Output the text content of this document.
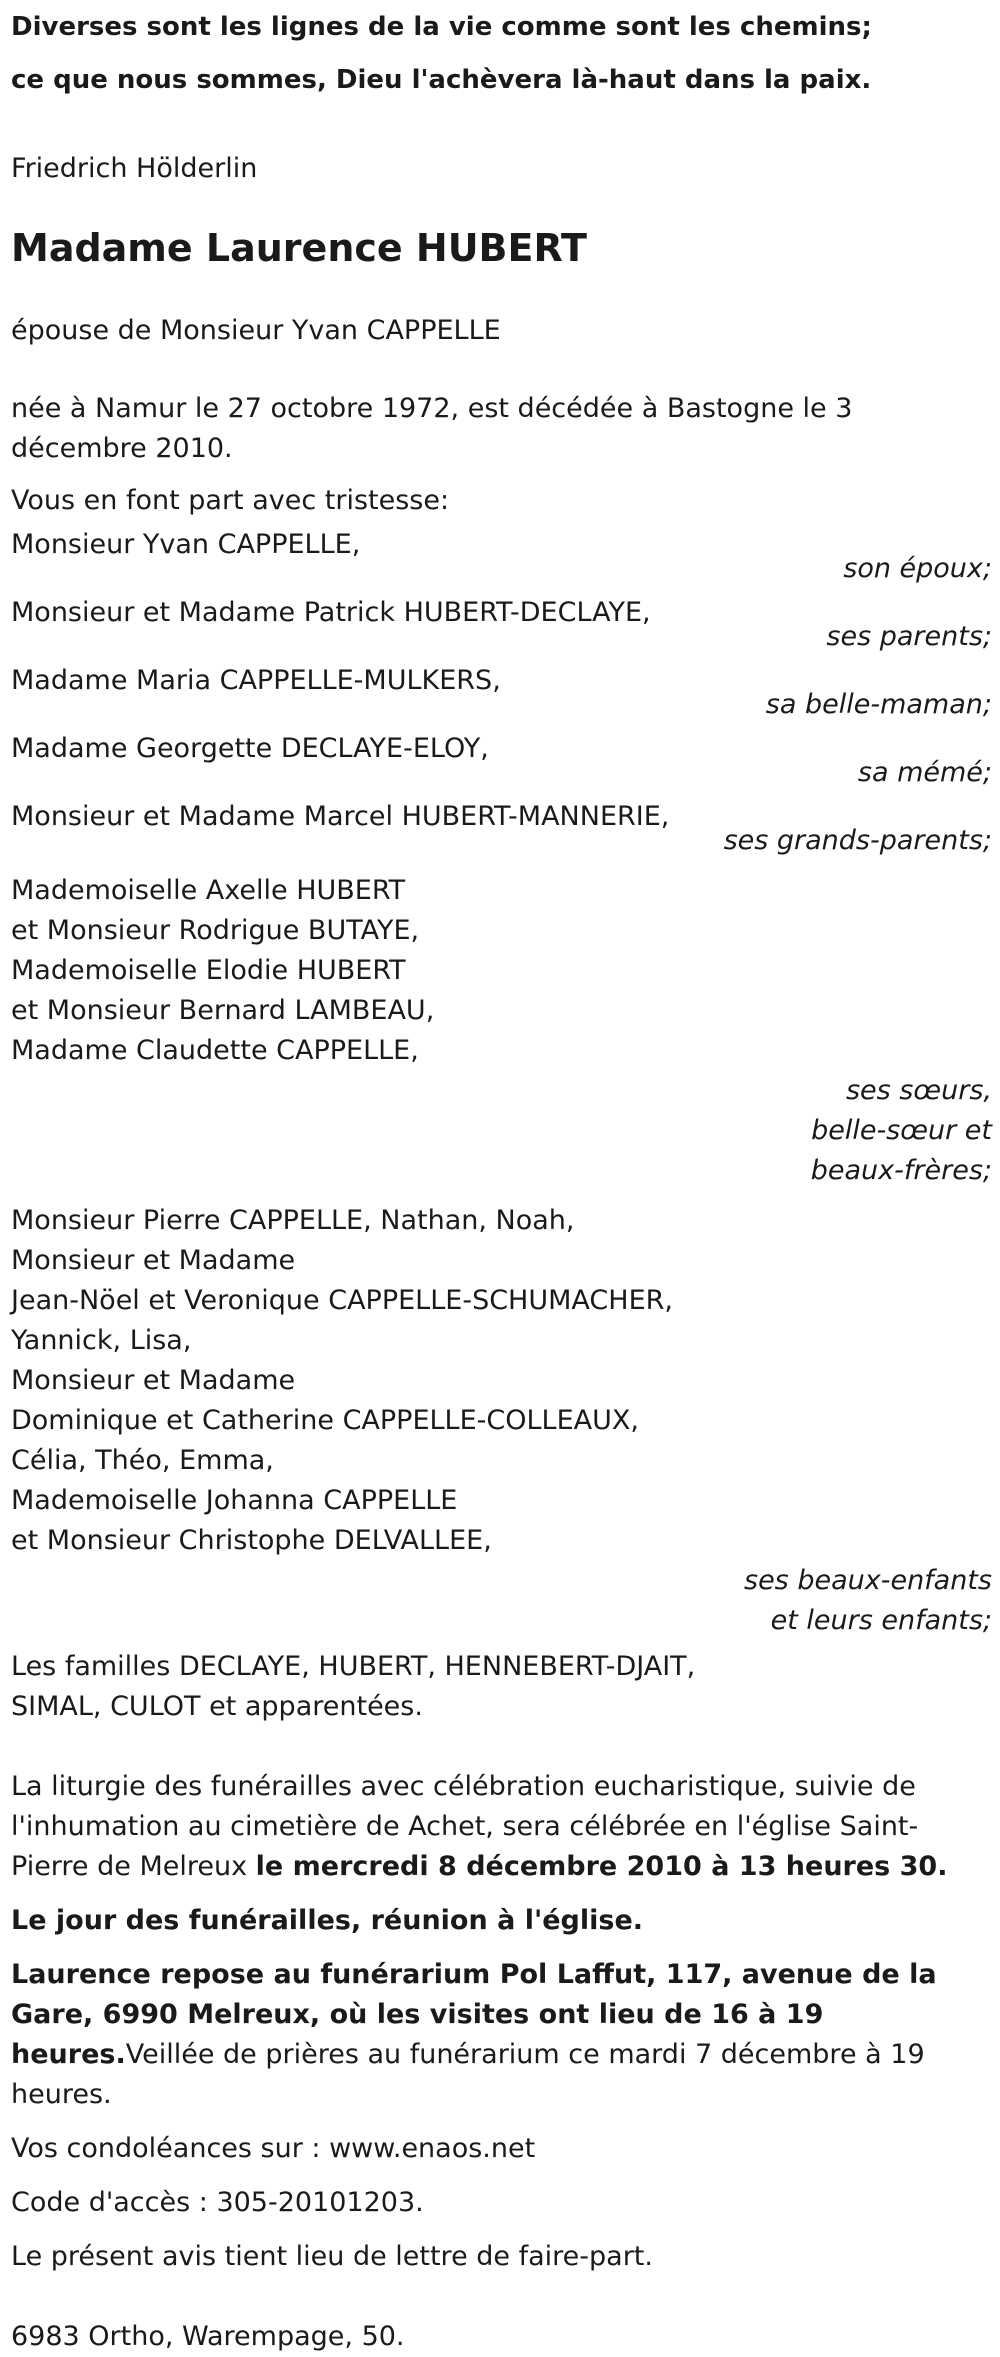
Diverses sont les lignes de la vie comme sont les chemins;
ce que nous sommes, Dieu l'achèvera là-haut dans la paix.
Friedrich Hölderlin
Madame Laurence HUBERT
épouse de Monsieur Yvan CAPPELLE
née à Namur le 27 octobre 1972, est décédée à Bastogne le 3 décembre 2010.
Vous en font part avec tristesse:
Monsieur Yvan CAPPELLE,
son époux;
Monsieur et Madame Patrick HUBERT-DECLAYE,
ses parents;
Madame Maria CAPPELLE-MULKERS,
sa belle-maman;
Madame Georgette DECLAYE-ELOY,
sa mémé;
Monsieur et Madame Marcel HUBERT-MANNERIE,
ses grands-parents;
Mademoiselle Axelle HUBERT
et Monsieur Rodrigue BUTAYE,
Mademoiselle Elodie HUBERT
et Monsieur Bernard LAMBEAU,
Madame Claudette CAPPELLE,
ses sœurs,
belle-sœur et
beaux-frères;
Monsieur Pierre CAPPELLE, Nathan, Noah,
Monsieur et Madame
Jean-Nöel et Veronique CAPPELLE-SCHUMACHER,
Yannick, Lisa,
Monsieur et Madame
Dominique et Catherine CAPPELLE-COLLEAUX,
Célia, Théo, Emma,
Mademoiselle Johanna CAPPELLE
et Monsieur Christophe DELVALLEE,
ses beaux-enfants
et leurs enfants;
Les familles DECLAYE, HUBERT, HENNEBERT-DJAIT,
SIMAL, CULOT et apparentées.
La liturgie des funérailles avec célébration eucharistique, suivie de l'inhumation au cimetière de Achet, sera célébrée en l'église Saint-Pierre de Melreux le mercredi 8 décembre 2010 à 13 heures 30.
Le jour des funérailles, réunion à l'église.
Laurence repose au funérarium Pol Laffut, 117, avenue de la Gare, 6990 Melreux, où les visites ont lieu de 16 à 19 heures.Veillée de prières au funérarium ce mardi 7 décembre à 19 heures.
Vos condoléances sur : www.enaos.net
Code d'accès : 305-20101203.
Le présent avis tient lieu de lettre de faire-part.
6983 Ortho, Warempage, 50.
